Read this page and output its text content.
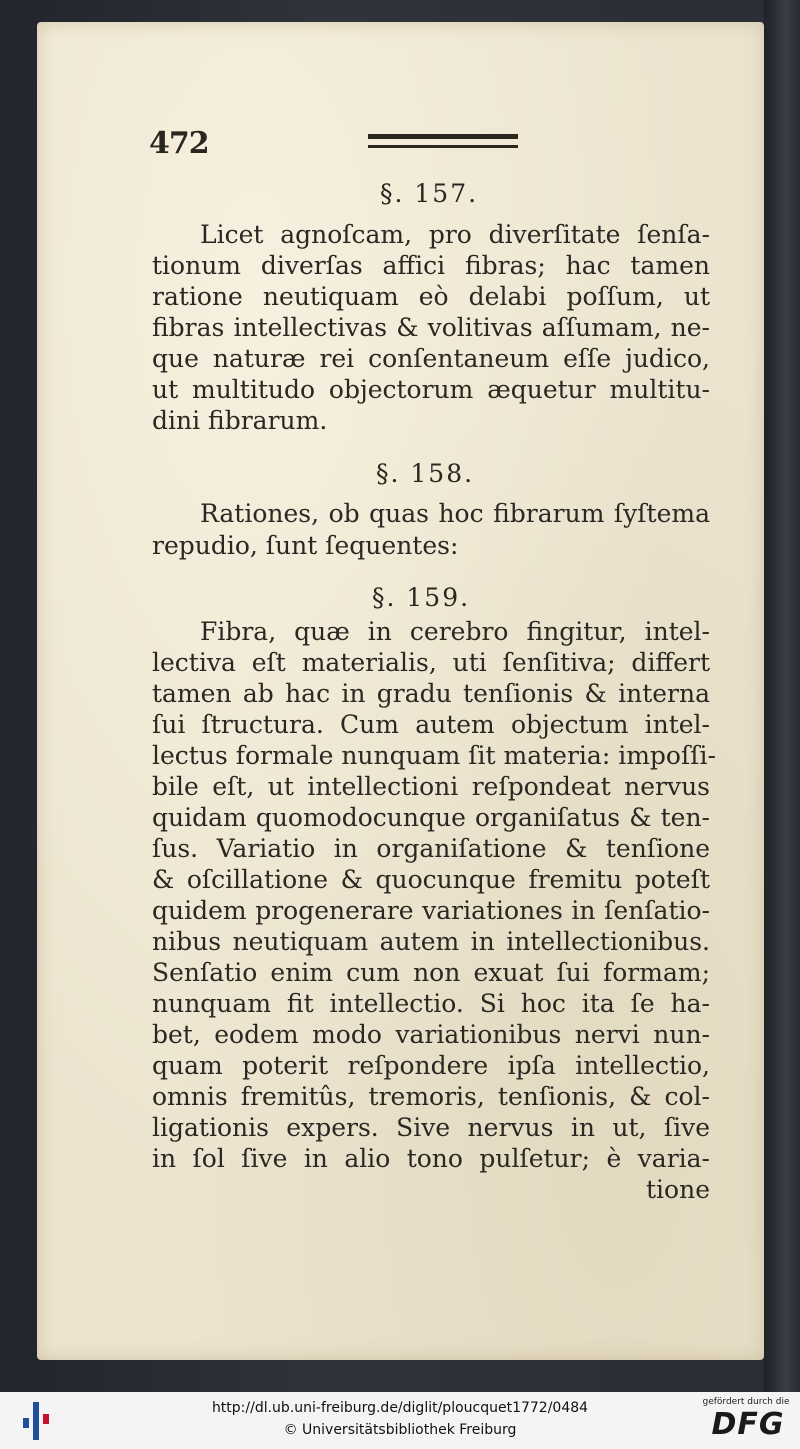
472
§. 157.
Licet agnoſcam, pro diverſitate ſenſa-
tionum diverſas affici fibras; hac tamen
ratione neutiquam eò delabi poſſum, ut
fibras intellectivas & volitivas aſſumam, ne-
que naturæ rei conſentaneum eſſe judico,
ut multitudo objectorum æquetur multitu-
dini fibrarum.
§. 158.
Rationes, ob quas hoc fibrarum ſyſtema
repudio, ſunt ſequentes:
§. 159.
Fibra, quæ in cerebro fingitur, intel-
lectiva eſt materialis, uti ſenſitiva; differt
tamen ab hac in gradu tenſionis & interna
ſui ſtructura. Cum autem objectum intel-
lectus formale nunquam ſit materia: impoſſi-
bile eſt, ut intellectioni reſpondeat nervus
quidam quomodocunque organiſatus & ten-
ſus. Variatio in organiſatione & tenſione
& oſcillatione & quocunque fremitu poteſt
quidem progenerare variationes in ſenſatio-
nibus neutiquam autem in intellectionibus.
Senſatio enim cum non exuat ſui formam;
nunquam fit intellectio. Si hoc ita ſe ha-
bet, eodem modo variationibus nervi nun-
quam poterit reſpondere ipſa intellectio,
omnis fremitûs, tremoris, tenſionis, & col-
ligationis expers. Sive nervus in ut, ſive
in ſol ſive in alio tono pulſetur; è varia-
tione
http://dl.ub.uni-freiburg.de/diglit/ploucquet1772/0484
© Universitätsbibliothek Freiburg
gefördert durch die
DFG
